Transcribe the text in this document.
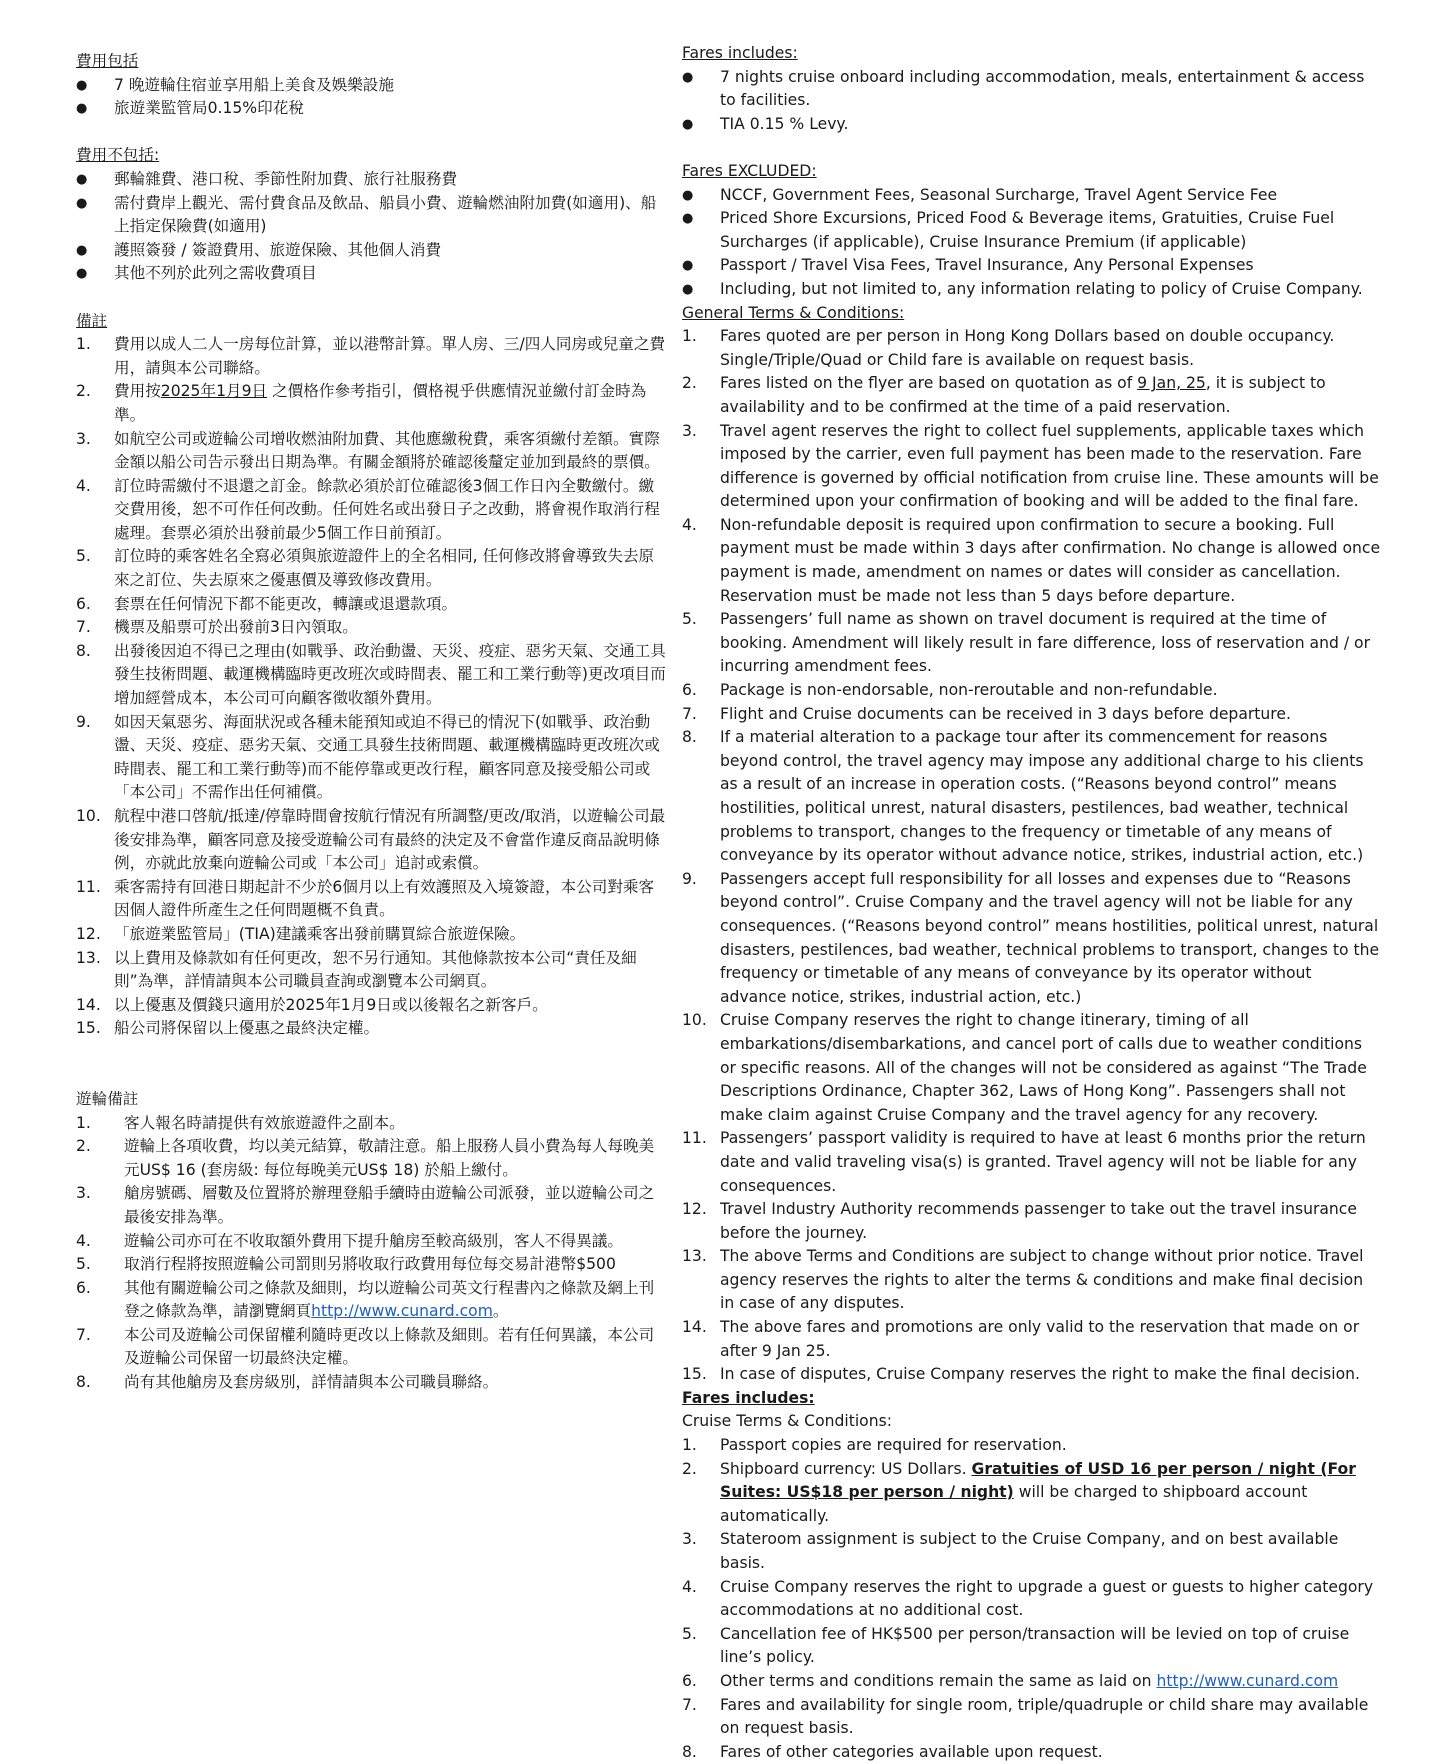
費用包括
● 7 晚遊輪住宿並享用船上美食及娛樂設施
● 旅遊業監管局0.15%印花稅
費用不包括:
● 郵輪雜費、港口稅、季節性附加費、旅行社服務費
● 需付費岸上觀光、需付費食品及飲品、船員小費、遊輪燃油附加費(如適用)、船上指定保險費(如適用)
● 護照簽發 / 簽證費用、旅遊保險、其他個人消費
● 其他不列於此列之需收費項目
備註
1. 費用以成人二人一房每位計算，並以港幣計算。單人房、三/四人同房或兒童之費用，請與本公司聯絡。
2. 費用按2025年1月9日 之價格作參考指引，價格視乎供應情況並繳付訂金時為準。
3. 如航空公司或遊輪公司增收燃油附加費、其他應繳稅費，乘客須繳付差額。實際金額以船公司告示發出日期為準。有關金額將於確認後釐定並加到最終的票價。
4. 訂位時需繳付不退還之訂金。餘款必須於訂位確認後3個工作日內全數繳付。繳交費用後，恕不可作任何改動。任何姓名或出發日子之改動，將會視作取消行程處理。套票必須於出發前最少5個工作日前預訂。
5. 訂位時的乘客姓名全寫必須與旅遊證件上的全名相同, 任何修改將會導致失去原來之訂位、失去原來之優惠價及導致修改費用。
6. 套票在任何情況下都不能更改，轉讓或退還款項。
7. 機票及船票可於出發前3日內領取。
8. 出發後因迫不得已之理由(如戰爭、政治動盪、天災、疫症、惡劣天氣、交通工具發生技術問題、載運機構臨時更改班次或時間表、罷工和工業行動等)更改項目而增加經營成本，本公司可向顧客徵收額外費用。
9. 如因天氣惡劣、海面狀況或各種未能預知或迫不得已的情況下(如戰爭、政治動盪、天災、疫症、惡劣天氣、交通工具發生技術問題、載運機構臨時更改班次或時間表、罷工和工業行動等)而不能停靠或更改行程，顧客同意及接受船公司或「本公司」不需作出任何補償。
10. 航程中港口啓航/抵達/停靠時間會按航行情況有所調整/更改/取消，以遊輪公司最後安排為準，顧客同意及接受遊輪公司有最終的決定及不會當作違反商品說明條例，亦就此放棄向遊輪公司或「本公司」追討或索償。
11. 乘客需持有回港日期起計不少於6個月以上有效護照及入境簽證，本公司對乘客因個人證件所產生之任何問題概不負責。
12. 「旅遊業監管局」(TIA)建議乘客出發前購買綜合旅遊保險。
13. 以上費用及條款如有任何更改，恕不另行通知。其他條款按本公司“責任及細則”為準，詳情請與本公司職員查詢或瀏覽本公司網頁。
14. 以上優惠及價錢只適用於2025年1月9日或以後報名之新客戶。
15. 船公司將保留以上優惠之最終決定權。
遊輪備註
1. 客人報名時請提供有效旅遊證件之副本。
2. 遊輪上各項收費，均以美元結算，敬請注意。船上服務人員小費為每人每晚美元US$ 16 (套房級: 每位每晚美元US$ 18) 於船上繳付。
3. 艙房號碼、層數及位置將於辦理登船手續時由遊輪公司派發，並以遊輪公司之最後安排為準。
4. 遊輪公司亦可在不收取額外費用下提升艙房至較高級別，客人不得異議。
5. 取消行程將按照遊輪公司罰則另將收取行政費用每位每交易計港幣$500
6. 其他有關遊輪公司之條款及細則，均以遊輪公司英文行程書內之條款及網上刊登之條款為準，請瀏覽網頁http://www.cunard.com。
7. 本公司及遊輪公司保留權利隨時更改以上條款及細則。若有任何異議，本公司及遊輪公司保留一切最終決定權。
8. 尚有其他艙房及套房級別，詳情請與本公司職員聯絡。
Fares includes:
● 7 nights cruise onboard including accommodation, meals, entertainment & access to facilities.
● TIA 0.15 % Levy.
Fares EXCLUDED:
● NCCF, Government Fees, Seasonal Surcharge, Travel Agent Service Fee
● Priced Shore Excursions, Priced Food & Beverage items, Gratuities, Cruise Fuel Surcharges (if applicable), Cruise Insurance Premium (if applicable)
● Passport / Travel Visa Fees, Travel Insurance, Any Personal Expenses
● Including, but not limited to, any information relating to policy of Cruise Company.
General Terms & Conditions:
1. Fares quoted are per person in Hong Kong Dollars based on double occupancy. Single/Triple/Quad or Child fare is available on request basis.
2. Fares listed on the flyer are based on quotation as of 9 Jan, 25, it is subject to availability and to be confirmed at the time of a paid reservation.
3. Travel agent reserves the right to collect fuel supplements, applicable taxes which imposed by the carrier, even full payment has been made to the reservation. Fare difference is governed by official notification from cruise line. These amounts will be determined upon your confirmation of booking and will be added to the final fare.
4. Non-refundable deposit is required upon confirmation to secure a booking. Full payment must be made within 3 days after confirmation. No change is allowed once payment is made, amendment on names or dates will consider as cancellation. Reservation must be made not less than 5 days before departure.
5. Passengers’ full name as shown on travel document is required at the time of booking. Amendment will likely result in fare difference, loss of reservation and / or incurring amendment fees.
6. Package is non-endorsable, non-reroutable and non-refundable.
7. Flight and Cruise documents can be received in 3 days before departure.
8. If a material alteration to a package tour after its commencement for reasons beyond control, the travel agency may impose any additional charge to his clients as a result of an increase in operation costs. (“Reasons beyond control” means hostilities, political unrest, natural disasters, pestilences, bad weather, technical problems to transport, changes to the frequency or timetable of any means of conveyance by its operator without advance notice, strikes, industrial action, etc.)
9. Passengers accept full responsibility for all losses and expenses due to “Reasons beyond control”. Cruise Company and the travel agency will not be liable for any consequences. (“Reasons beyond control” means hostilities, political unrest, natural disasters, pestilences, bad weather, technical problems to transport, changes to the frequency or timetable of any means of conveyance by its operator without advance notice, strikes, industrial action, etc.)
10. Cruise Company reserves the right to change itinerary, timing of all embarkations/disembarkations, and cancel port of calls due to weather conditions or specific reasons. All of the changes will not be considered as against “The Trade Descriptions Ordinance, Chapter 362, Laws of Hong Kong”. Passengers shall not make claim against Cruise Company and the travel agency for any recovery.
11. Passengers’ passport validity is required to have at least 6 months prior the return date and valid traveling visa(s) is granted. Travel agency will not be liable for any consequences.
12. Travel Industry Authority recommends passenger to take out the travel insurance before the journey.
13. The above Terms and Conditions are subject to change without prior notice. Travel agency reserves the rights to alter the terms & conditions and make final decision in case of any disputes.
14. The above fares and promotions are only valid to the reservation that made on or after 9 Jan 25.
15. In case of disputes, Cruise Company reserves the right to make the final decision.
Fares includes:
Cruise Terms & Conditions:
1. Passport copies are required for reservation.
2. Shipboard currency: US Dollars. Gratuities of USD 16 per person / night (For Suites: US$18 per person / night) will be charged to shipboard account automatically.
3. Stateroom assignment is subject to the Cruise Company, and on best available basis.
4. Cruise Company reserves the right to upgrade a guest or guests to higher category accommodations at no additional cost.
5. Cancellation fee of HK$500 per person/transaction will be levied on top of cruise line’s policy.
6. Other terms and conditions remain the same as laid on http://www.cunard.com
7. Fares and availability for single room, triple/quadruple or child share may available on request basis.
8. Fares of other categories available upon request.
